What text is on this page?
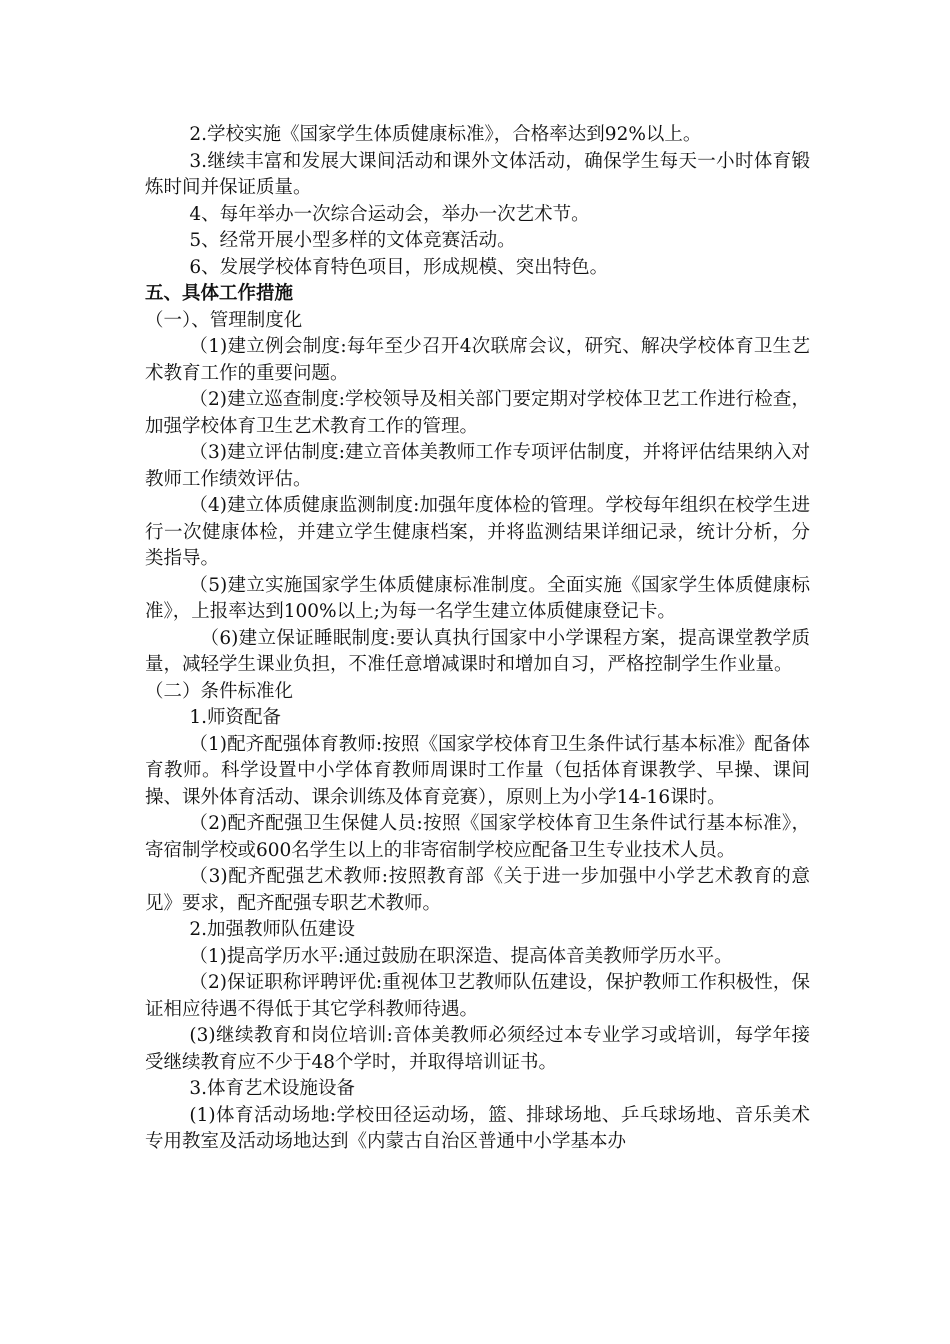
2.学校实施《国家学生体质健康标准》，合格率达到92%以上。

3.继续丰富和发展大课间活动和课外文体活动，确保学生每天一小时体育锻炼时间并保证质量。

4、每年举办一次综合运动会，举办一次艺术节。

5、经常开展小型多样的文体竞赛活动。

6、发展学校体育特色项目，形成规模、突出特色。

五、具体工作措施

（一）、管理制度化

（1)建立例会制度:每年至少召开4次联席会议，研究、解决学校体育卫生艺术教育工作的重要问题。

（2)建立巡查制度:学校领导及相关部门要定期对学校体卫艺工作进行检查，加强学校体育卫生艺术教育工作的管理。

（3)建立评估制度:建立音体美教师工作专项评估制度，并将评估结果纳入对教师工作绩效评估。

（4)建立体质健康监测制度:加强年度体检的管理。学校每年组织在校学生进行一次健康体检，并建立学生健康档案，并将监测结果详细记录，统计分析，分类指导。

（5)建立实施国家学生体质健康标准制度。全面实施《国家学生体质健康标准》，上报率达到100%以上;为每一名学生建立体质健康登记卡。

（6)建立保证睡眠制度:要认真执行国家中小学课程方案，提高课堂教学质量，减轻学生课业负担，不准任意增减课时和增加自习，严格控制学生作业量。

（二）条件标准化

1.师资配备

（1)配齐配强体育教师:按照《国家学校体育卫生条件试行基本标准》配备体育教师。科学设置中小学体育教师周课时工作量（包括体育课教学、早操、课间操、课外体育活动、课余训练及体育竞赛），原则上为小学14-16课时。

（2)配齐配强卫生保健人员:按照《国家学校体育卫生条件试行基本标准》，寄宿制学校或600名学生以上的非寄宿制学校应配备卫生专业技术人员。

（3)配齐配强艺术教师:按照教育部《关于进一步加强中小学艺术教育的意见》要求，配齐配强专职艺术教师。

2.加强教师队伍建设

（1)提高学历水平:通过鼓励在职深造、提高体音美教师学历水平。

（2)保证职称评聘评优:重视体卫艺教师队伍建设，保护教师工作积极性，保证相应待遇不得低于其它学科教师待遇。

(3)继续教育和岗位培训:音体美教师必须经过本专业学习或培训，每学年接受继续教育应不少于48个学时，并取得培训证书。

3.体育艺术设施设备

(1)体育活动场地:学校田径运动场，篮、排球场地、乒乓球场地、音乐美术专用教室及活动场地达到《内蒙古自治区普通中小学基本办
